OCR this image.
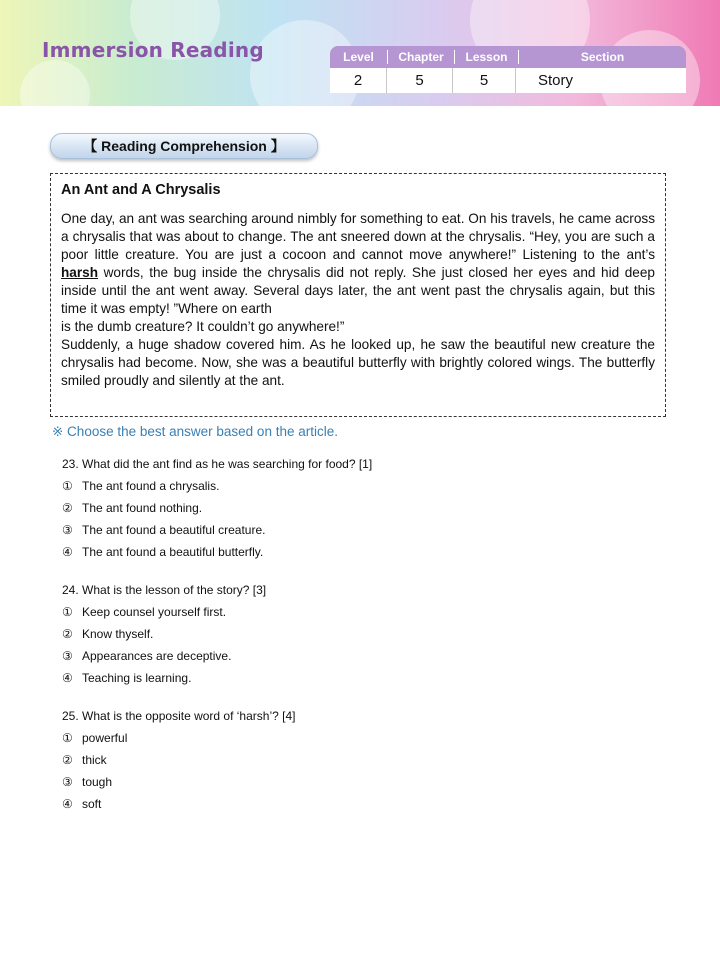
Immersion Reading	Level	Chapter	Lesson	Section
2	5	5	Story
【 Reading Comprehension 】
An Ant and A Chrysalis

One day, an ant was searching around nimbly for something to eat. On his travels, he came across a chrysalis that was about to change. The ant sneered down at the chrysalis. “Hey, you are such a poor little creature. You are just a cocoon and cannot move anywhere!” Listening to the ant’s harsh words, the bug inside the chrysalis did not reply. She just closed her eyes and hid deep inside until the ant went away. Several days later, the ant went past the chrysalis again, but this time it was empty! ”Where on earth
is the dumb creature? It couldn’t go anywhere!”

Suddenly, a huge shadow covered him. As he looked up, he saw the beautiful new creature the chrysalis had become. Now, she was a beautiful butterfly with brightly colored wings. The butterfly smiled proudly and silently at the ant.

※ Choose the best answer based on the article.
23. What did the ant find as he was searching for food? [1]
① The ant found a chrysalis.
② The ant found nothing.
③ The ant found a beautiful creature.
④ The ant found a beautiful butterfly.
24. What is the lesson of the story? [3]
① Keep counsel yourself first.
② Know thyself.
③ Appearances are deceptive.
④ Teaching is learning.
25. What is the opposite word of ‘harsh’? [4]
① powerful
② thick
③ tough
④ soft
